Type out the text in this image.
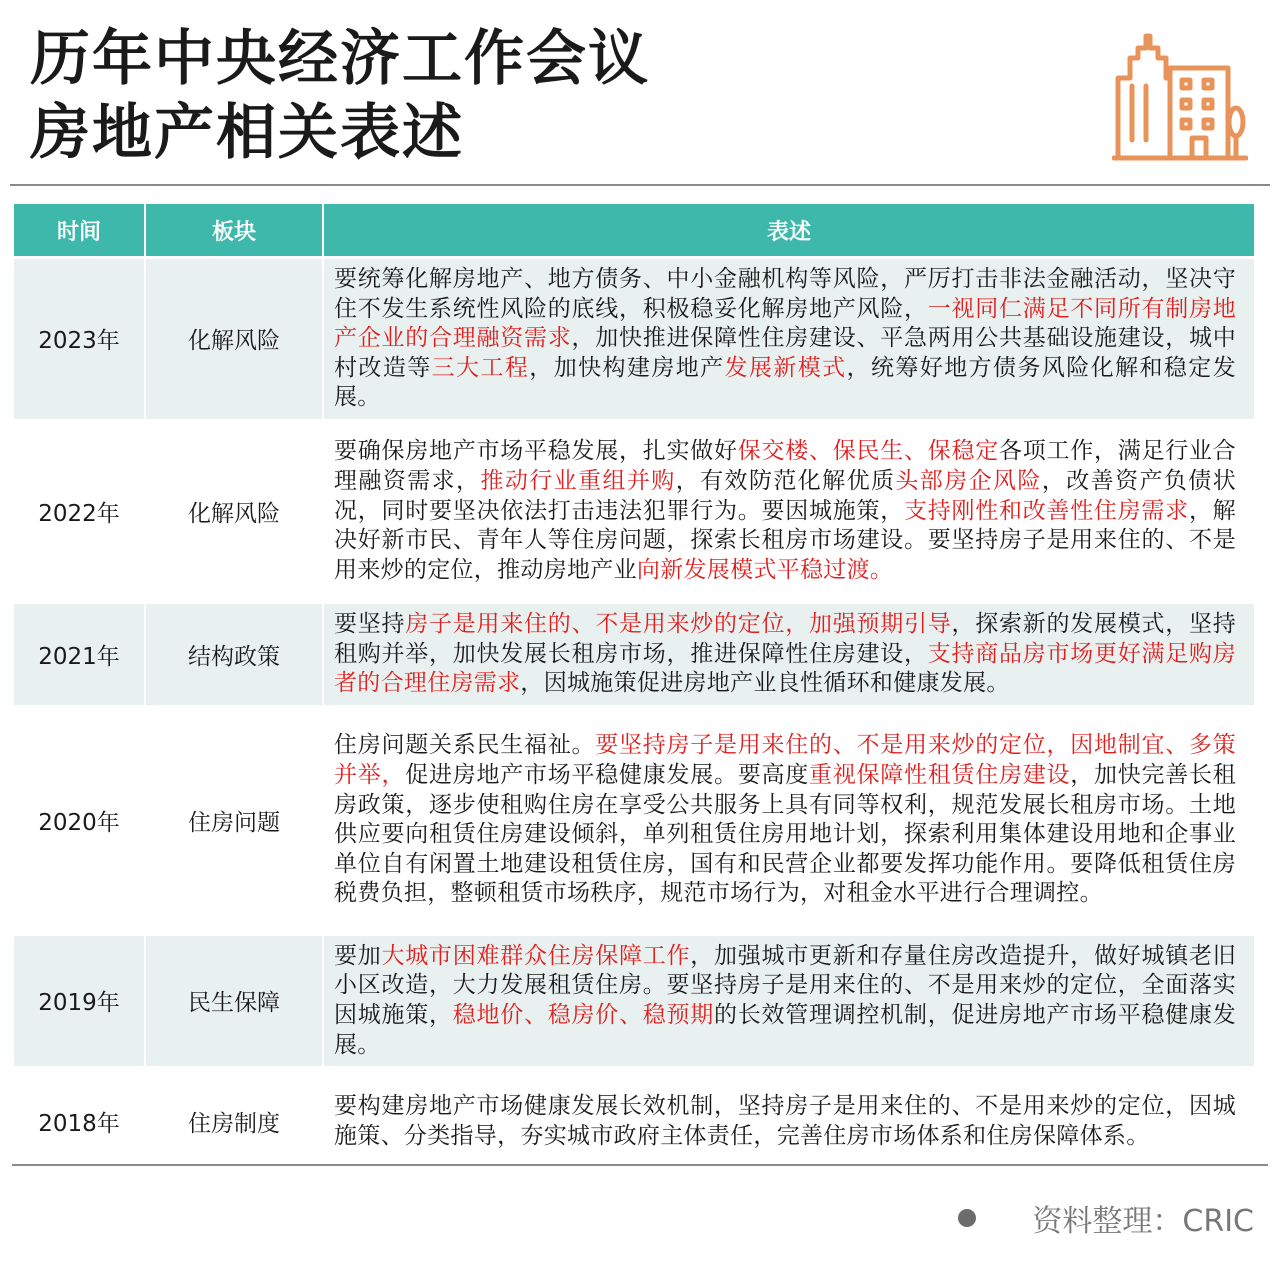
历年中央经济工作会议
房地产相关表述
时间	板块	表述
2023年	化解风险	要统筹化解房地产、地方债务、中小金融机构等风险，严厉打击非法金融活动，坚决守住不发生系统性风险的底线，积极稳妥化解房地产风险，一视同仁满足不同所有制房地产企业的合理融资需求，加快推进保障性住房建设、平急两用公共基础设施建设，城中村改造等三大工程，加快构建房地产发展新模式，统筹好地方债务风险化解和稳定发展。
2022年	化解风险	要确保房地产市场平稳发展，扎实做好保交楼、保民生、保稳定各项工作，满足行业合理融资需求，推动行业重组并购，有效防范化解优质头部房企风险，改善资产负债状况，同时要坚决依法打击违法犯罪行为。要因城施策，支持刚性和改善性住房需求，解决好新市民、青年人等住房问题，探索长租房市场建设。要坚持房子是用来住的、不是用来炒的定位，推动房地产业向新发展模式平稳过渡。
2021年	结构政策	要坚持房子是用来住的、不是用来炒的定位，加强预期引导，探索新的发展模式，坚持租购并举，加快发展长租房市场，推进保障性住房建设，支持商品房市场更好满足购房者的合理住房需求，因城施策促进房地产业良性循环和健康发展。
2020年	住房问题	住房问题关系民生福祉。要坚持房子是用来住的、不是用来炒的定位，因地制宜、多策并举，促进房地产市场平稳健康发展。要高度重视保障性租赁住房建设，加快完善长租房政策，逐步使租购住房在享受公共服务上具有同等权利，规范发展长租房市场。土地供应要向租赁住房建设倾斜，单列租赁住房用地计划，探索利用集体建设用地和企事业单位自有闲置土地建设租赁住房，国有和民营企业都要发挥功能作用。要降低租赁住房税费负担，整顿租赁市场秩序，规范市场行为，对租金水平进行合理调控。
2019年	民生保障	要加大城市困难群众住房保障工作，加强城市更新和存量住房改造提升，做好城镇老旧小区改造，大力发展租赁住房。要坚持房子是用来住的、不是用来炒的定位，全面落实因城施策，稳地价、稳房价、稳预期的长效管理调控机制，促进房地产市场平稳健康发展。
2018年	住房制度	要构建房地产市场健康发展长效机制，坚持房子是用来住的、不是用来炒的定位，因城施策、分类指导，夯实城市政府主体责任，完善住房市场体系和住房保障体系。
资料整理：CRIC
